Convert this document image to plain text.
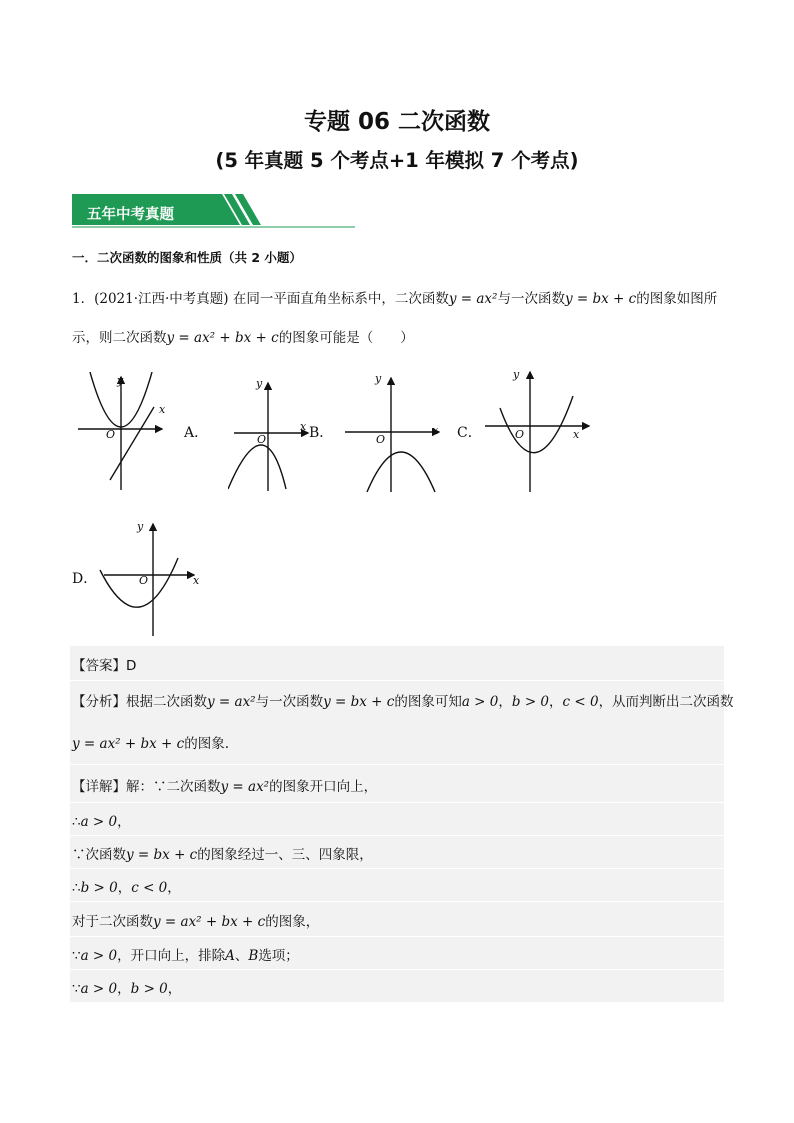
专题 06 二次函数
(5 年真题 5 个考点+1 年模拟 7 个考点)
五年中考真题
一．二次函数的图象和性质（共 2 小题）
1．(2021·江西·中考真题) 在同一平面直角坐标系中，二次函数y = ax²与一次函数y = bx + c的图象如图所
示，则二次函数y = ax² + bx + c的图象可能是（　　）
y
x
O	A．
y
x
O	B．
y
x
O	C．
y
x
O
D．
y
x
O
【答案】D
【分析】根据二次函数y = ax²与一次函数y = bx + c的图象可知a > 0，b > 0，c < 0，从而判断出二次函数
y = ax² + bx + c的图象.
【详解】解：∵二次函数y = ax²的图象开口向上，
∴a > 0，
∵次函数y = bx + c的图象经过一、三、四象限，
∴b > 0，c < 0，
对于二次函数y = ax² + bx + c的图象，
∵a > 0，开口向上，排除A、B选项；
∵a > 0，b > 0，
